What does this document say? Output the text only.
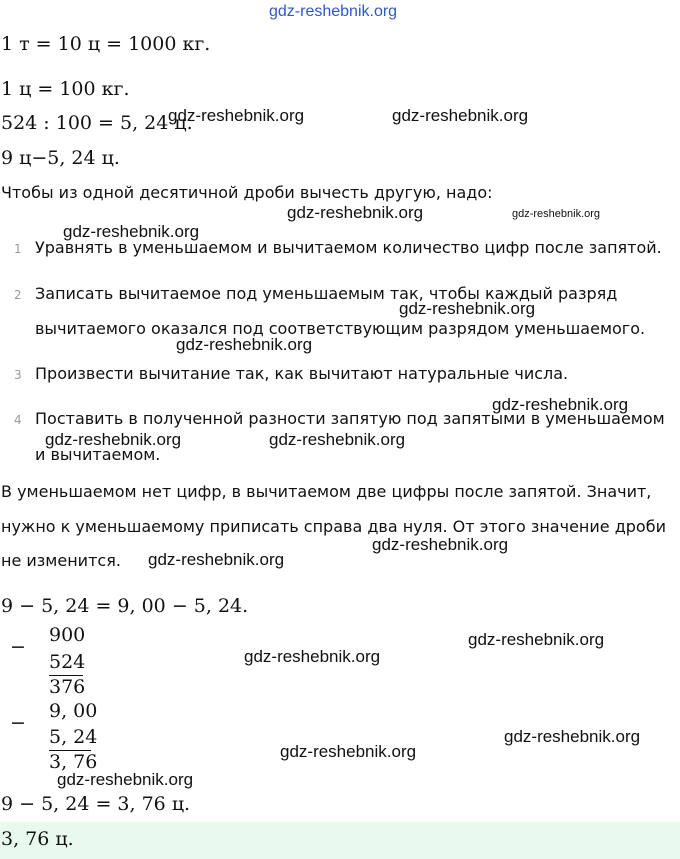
gdz-reshebnik.org
1 т = 10 ц = 1000 кг.
1 ц = 100 кг.
524 : 100 = 5, 24 ц.
gdz-reshebnik.org	gdz-reshebnik.org
9 ц−5, 24 ц.
Чтобы из одной десятичной дроби вычесть другую, надо:
gdz-reshebnik.org	gdz-reshebnik.org
gdz-reshebnik.org
1 Уравнять в уменьшаемом и вычитаемом количество цифр после запятой.
2 Записать вычитаемое под уменьшаемым так, чтобы каждый разряд
gdz-reshebnik.org
вычитаемого оказался под соответствующим разрядом уменьшаемого.
gdz-reshebnik.org
3 Произвести вычитание так, как вычитают натуральные числа.
gdz-reshebnik.org
4 Поставить в полученной разности запятую под запятыми в уменьшаемом
gdz-reshebnik.org	gdz-reshebnik.org
и вычитаемом.
В уменьшаемом нет цифр, в вычитаемом две цифры после запятой. Значит,
нужно к уменьшаемому приписать справа два нуля. От этого значение дроби
gdz-reshebnik.org
не изменится. gdz-reshebnik.org
9 − 5, 24 = 9, 00 − 5, 24.
−
900
524
376
gdz-reshebnik.org
gdz-reshebnik.org
−
9, 00
5, 24
3, 76
gdz-reshebnik.org
gdz-reshebnik.org
gdz-reshebnik.org
9 − 5, 24 = 3, 76 ц.
3, 76 ц.
